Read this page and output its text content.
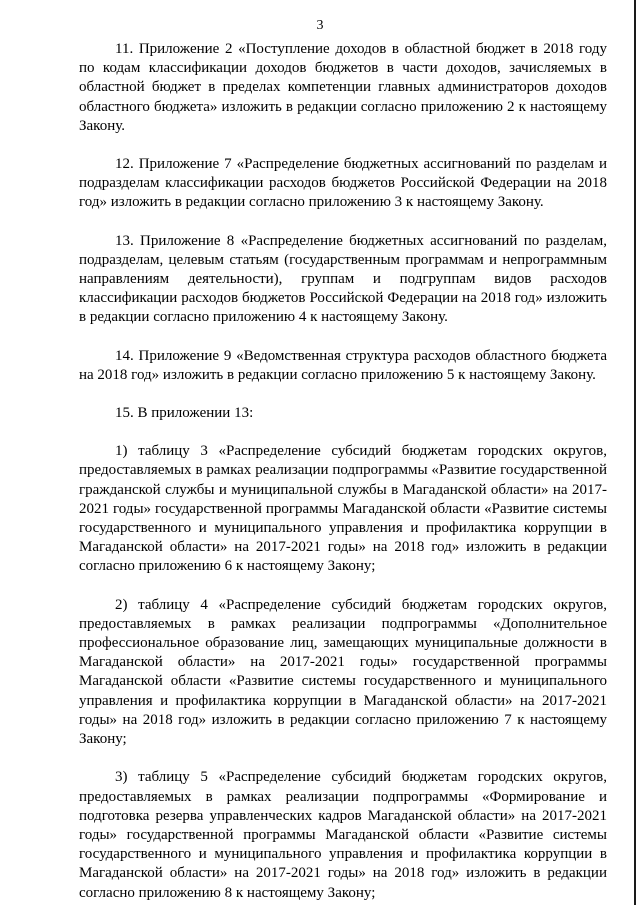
3

11. Приложение 2 «Поступление доходов в областной бюджет в 2018 году по кодам классификации доходов бюджетов в части доходов, зачисляемых в областной бюджет в пределах компетенции главных администраторов доходов областного бюджета» изложить в редакции согласно приложению 2 к настоящему Закону.

12. Приложение 7 «Распределение бюджетных ассигнований по разделам и подразделам классификации расходов бюджетов Российской Федерации на 2018 год» изложить в редакции согласно приложению 3 к настоящему Закону.

13. Приложение 8 «Распределение бюджетных ассигнований по разделам, подразделам, целевым статьям (государственным программам и непрограммным направлениям деятельности), группам и подгруппам видов расходов классификации расходов бюджетов Российской Федерации на 2018 год» изложить в редакции согласно приложению 4 к настоящему Закону.

14. Приложение 9 «Ведомственная структура расходов областного бюджета на 2018 год» изложить в редакции согласно приложению 5 к настоящему Закону.

15. В приложении 13:

1) таблицу 3 «Распределение субсидий бюджетам городских округов, предоставляемых в рамках реализации подпрограммы «Развитие государственной гражданской службы и муниципальной службы в Магаданской области» на 2017-2021 годы» государственной программы Магаданской области «Развитие системы государственного и муниципального управления и профилактика коррупции в Магаданской области» на 2017-2021 годы» на 2018 год» изложить в редакции согласно приложению 6 к настоящему Закону;

2) таблицу 4 «Распределение субсидий бюджетам городских округов, предоставляемых в рамках реализации подпрограммы «Дополнительное профессиональное образование лиц, замещающих муниципальные должности в Магаданской области» на 2017-2021 годы» государственной программы Магаданской области «Развитие системы государственного и муниципального управления и профилактика коррупции в Магаданской области» на 2017-2021 годы» на 2018 год» изложить в редакции согласно приложению 7 к настоящему Закону;

3) таблицу 5 «Распределение субсидий бюджетам городских округов, предоставляемых в рамках реализации подпрограммы «Формирование и подготовка резерва управленческих кадров Магаданской области» на 2017-2021 годы» государственной программы Магаданской области «Развитие системы государственного и муниципального управления и профилактика коррупции в Магаданской области» на 2017-2021 годы» на 2018 год» изложить в редакции согласно приложению 8 к настоящему Закону;
